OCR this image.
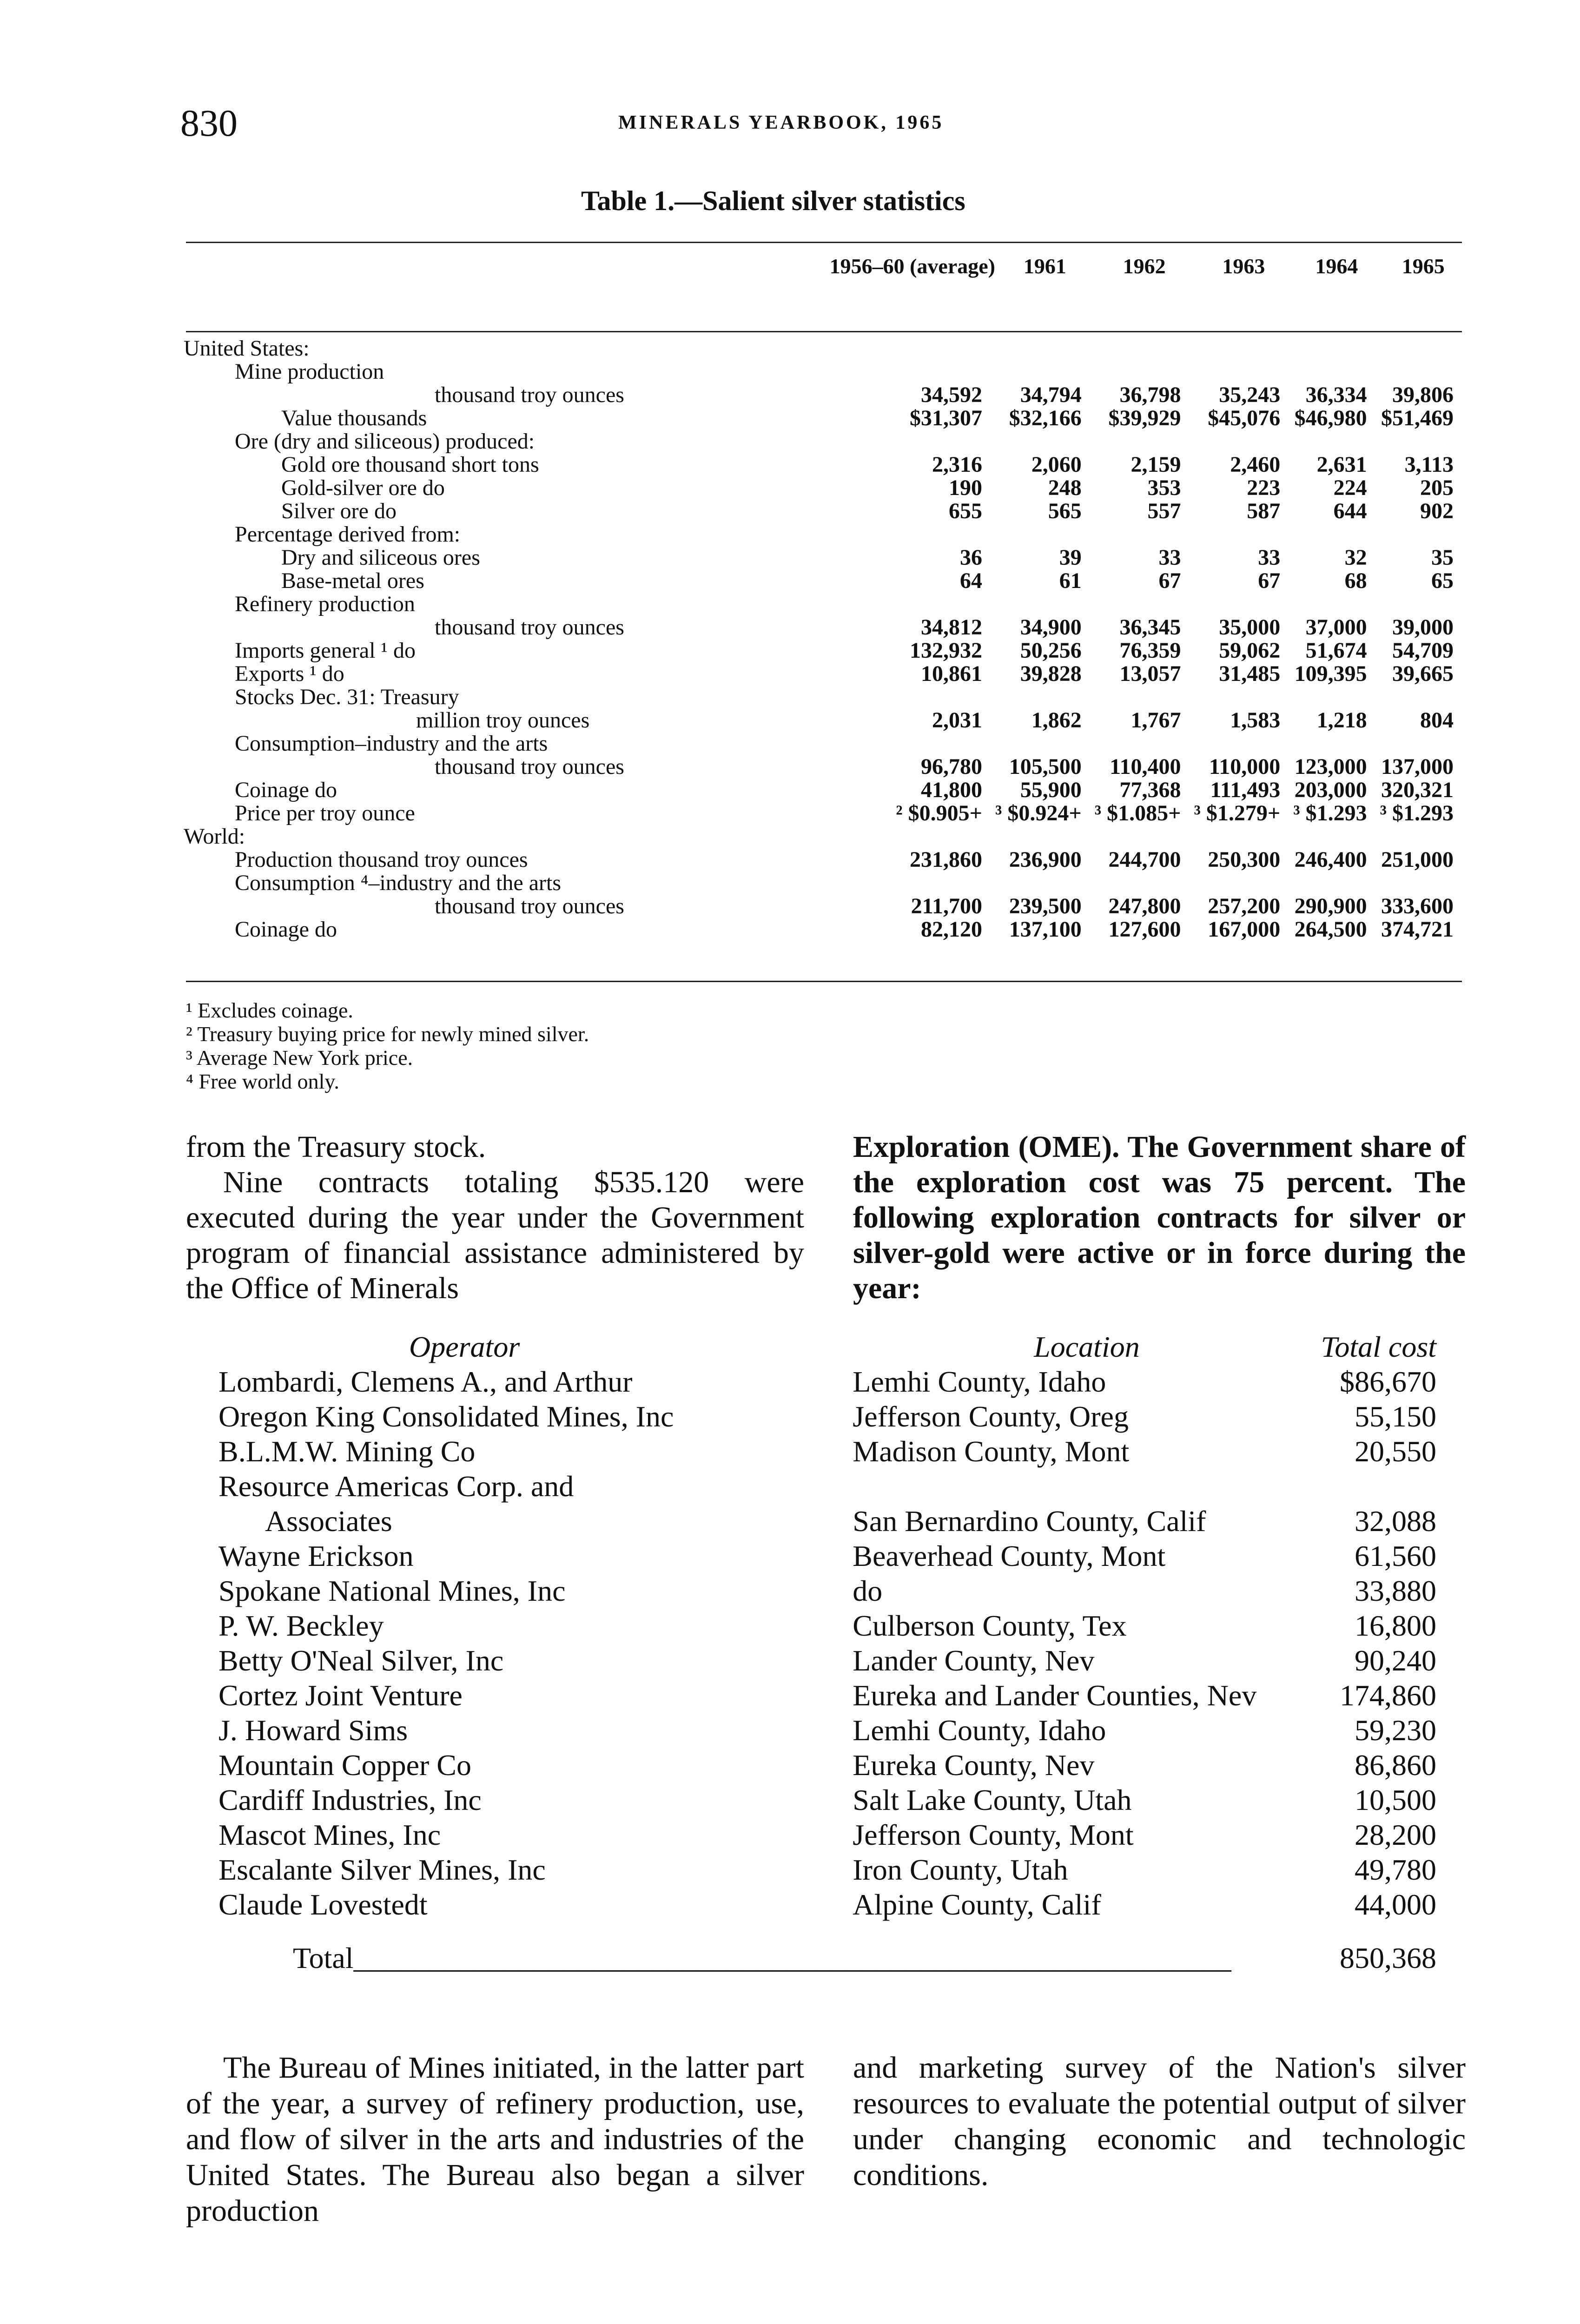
830	MINERALS YEARBOOK, 1965
Table 1.—Salient silver statistics
	1956–60 (average)	1961	1962	1963	1964	1965

United States:						
Mine production						
thousand troy ounces	34,592	34,794	36,798	35,243	36,334	39,806
Value thousands	$31,307	$32,166	$39,929	$45,076	$46,980	$51,469
Ore (dry and siliceous) produced:						
Gold ore thousand short tons	2,316	2,060	2,159	2,460	2,631	3,113
Gold-silver ore do	190	248	353	223	224	205
Silver ore do	655	565	557	587	644	902
Percentage derived from:						
Dry and siliceous ores	36	39	33	33	32	35
Base-metal ores	64	61	67	67	68	65
Refinery production						
thousand troy ounces	34,812	34,900	36,345	35,000	37,000	39,000
Imports general ¹ do	132,932	50,256	76,359	59,062	51,674	54,709
Exports ¹ do	10,861	39,828	13,057	31,485	109,395	39,665
Stocks Dec. 31: Treasury						
million troy ounces	2,031	1,862	1,767	1,583	1,218	804
Consumption–industry and the arts						
thousand troy ounces	96,780	105,500	110,400	110,000	123,000	137,000
Coinage do	41,800	55,900	77,368	111,493	203,000	320,321
Price per troy ounce	² $0.905+	³ $0.924+	³ $1.085+	³ $1.279+	³ $1.293	³ $1.293
World:						
Production thousand troy ounces	231,860	236,900	244,700	250,300	246,400	251,000
Consumption ⁴–industry and the arts						
thousand troy ounces	211,700	239,500	247,800	257,200	290,900	333,600
Coinage do	82,120	137,100	127,600	167,000	264,500	374,721
¹ Excludes coinage.
² Treasury buying price for newly mined silver.
³ Average New York price.
⁴ Free world only.
from the Treasury stock.
Nine contracts totaling $535.120 were executed during the year under the Government program of financial assistance administered by the Office of Minerals
Exploration (OME). The Government share of the exploration cost was 75 percent. The following exploration contracts for silver or silver-gold were active or in force during the year:
Operator	Location	Total cost
Lombardi, Clemens A., and Arthur	Lemhi County, Idaho	$86,670
Oregon King Consolidated Mines, Inc	Jefferson County, Oreg	55,150
B.L.M.W. Mining Co	Madison County, Mont	20,550
Resource Americas Corp. and		
Associates	San Bernardino County, Calif	32,088
Wayne Erickson	Beaverhead County, Mont	61,560
Spokane National Mines, Inc	do	33,880
P. W. Beckley	Culberson County, Tex	16,800
Betty O'Neal Silver, Inc	Lander County, Nev	90,240
Cortez Joint Venture	Eureka and Lander Counties, Nev	174,860
J. Howard Sims	Lemhi County, Idaho	59,230
Mountain Copper Co	Eureka County, Nev	86,860
Cardiff Industries, Inc	Salt Lake County, Utah	10,500
Mascot Mines, Inc	Jefferson County, Mont	28,200
Escalante Silver Mines, Inc	Iron County, Utah	49,780
Claude Lovestedt	Alpine County, Calif	44,000
Total___________________________________________________________		850,368
The Bureau of Mines initiated, in the latter part of the year, a survey of refinery production, use, and flow of silver in the arts and industries of the United States. The Bureau also began a silver production
and marketing survey of the Nation's silver resources to evaluate the potential output of silver under changing economic and technologic conditions.
